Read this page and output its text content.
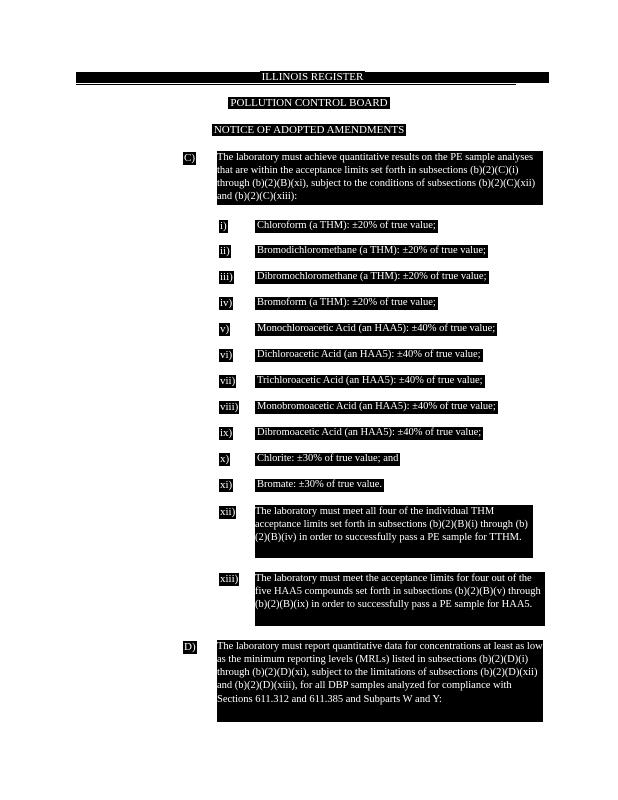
ILLINOIS REGISTER
POLLUTION CONTROL BOARD
NOTICE OF ADOPTED AMENDMENTS
C) The laboratory must achieve quantitative results on the PE sample analyses that are within the acceptance limits set forth in subsections (b)(2)(C)(i) through (b)(2)(B)(xi), subject to the conditions of subsections (b)(2)(C)(xii) and (b)(2)(C)(xiii):
i)	Chloroform (a THM): ±20% of true value;
ii)	Bromodichloromethane (a THM): ±20% of true value;
iii) Dibromochloromethane (a THM): ±20% of true value;
iv) Bromoform (a THM): ±20% of true value;
v)	Monochloroacetic Acid (an HAA5): ±40% of true value;
vi) Dichloroacetic Acid (an HAA5): ±40% of true value;
vii) Trichloroacetic Acid (an HAA5): ±40% of true value;
viii) Monobromoacetic Acid (an HAA5): ±40% of true value;
ix) Dibromoacetic Acid (an HAA5): ±40% of true value;
x)	Chlorite: ±30% of true value; and
xi) Bromate: ±30% of true value.
xii) The laboratory must meet all four of the individual THM acceptance limits set forth in subsections (b)(2)(B)(i) through (b)(2)(B)(iv) in order to successfully pass a PE sample for TTHM.
xiii) The laboratory must meet the acceptance limits for four out of the five HAA5 compounds set forth in subsections (b)(2)(B)(v) through (b)(2)(B)(ix) in order to successfully pass a PE sample for HAA5.
D) The laboratory must report quantitative data for concentrations at least as low as the minimum reporting levels (MRLs) listed in subsections (b)(2)(D)(i) through (b)(2)(D)(xi), subject to the limitations of subsections (b)(2)(D)(xii) and (b)(2)(D)(xiii), for all DBP samples analyzed for compliance with Sections 611.312 and 611.385 and Subparts W and Y:
